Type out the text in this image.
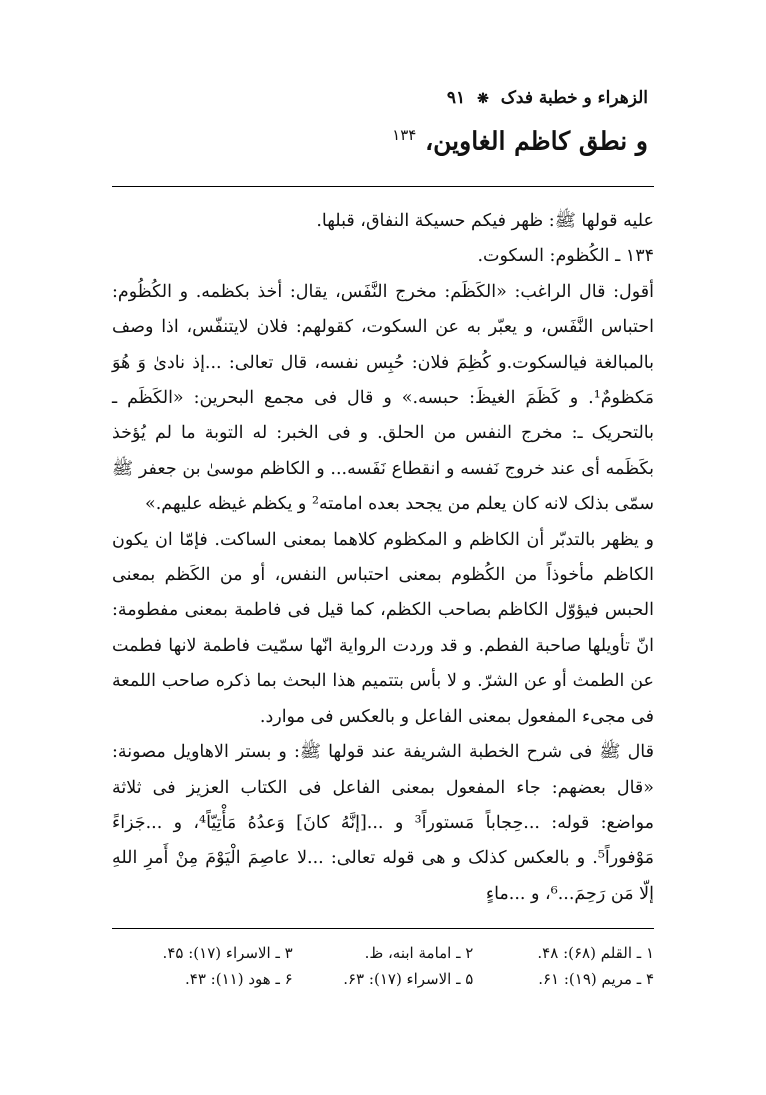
الزهراء و خطبة فدک ❋ ٩١
و نطق کاظم الغاوین، $^{١٣۴}$

علیه قولها ﷺ: ظهر فیکم حسیکة النفاق، قبلها.

١٣۴ ـ الکُظوم: السکوت.

أقول: قال الراغب: «الکَظَم: مخرج النَّفَس، یقال: أخذ بکظمه. و الکُظُوم: احتباس النَّفَس، و یعبّر به عن السکوت، کقولهم: فلان لایتنفّس، اذا وصف بالمبالغة فیالسکوت.و کُظِمَ فلان: حُبِس نفسه، قال تعالی: ...إذ نادیٰ وَ هُوَ مَکظومٌ¹. و کَظَمَ الغیظَ: حبسه.» و قال فی مجمع البحرین: «الکَظَم ـ بالتحریک ـ: مخرج النفس من الحلق. و فی الخبر: له التوبة ما لم یُؤخذ بکَظَمه أی عند خروج نَفسه و انقطاع نَفَسه... و الکاظم موسیٰ بن جعفر ﷺ سمّی بذلک لانه کان یعلم من یجحد بعده امامته² و یکظم غیظه علیهم.»

و یظهر بالتدبّر أن الکاظم و المکظوم کلاهما بمعنی الساکت. فإمّا ان یکون الکاظم مأخوذاً من الکُظوم بمعنی احتباس النفس، أو من الکَظم بمعنی الحبس فیؤوّل الکاظم بصاحب الکظم، کما قیل فی فاطمة بمعنی مفطومة: انّ تأویلها صاحبة الفطم. و قد وردت الروایة انّها سمّیت فاطمة لانها فطمت عن الطمث أو عن الشرّ. و لا بأس بتتمیم هذا البحث بما ذکره صاحب اللمعة فی مجیء المفعول بمعنی الفاعل و بالعکس فی موارد.

قال ﷺ فی شرح الخطبة الشریفة عند قولها ﷺ: و بستر الاهاویل مصونة: «قال بعضهم: جاء المفعول بمعنی الفاعل فی الکتاب العزیز فی ثلاثة مواضع: قوله: ...حِجاباً مَستوراً³ و ...[إنَّهُ کانَ] وَعدُهُ مَأْتِیّاً⁴، و ...جَزاءً مَوْفوراً⁵. و بالعکس کذلک و هی قوله تعالی: ...لا عاصِمَ الْیَوْمَ مِنْ أَمرِ اللهِ إلّا مَن رَحِمَ...⁶، و ...ماءٍ

١ ـ القلم (۶٨): ۴٨.
٢ ـ امامة ابنه، ظ.
٣ ـ الاسراء (١٧): ۴۵.
۴ ـ مریم (١٩): ۶١.
۵ ـ الاسراء (١٧): ۶٣.
۶ ـ هود (١١): ۴٣.
